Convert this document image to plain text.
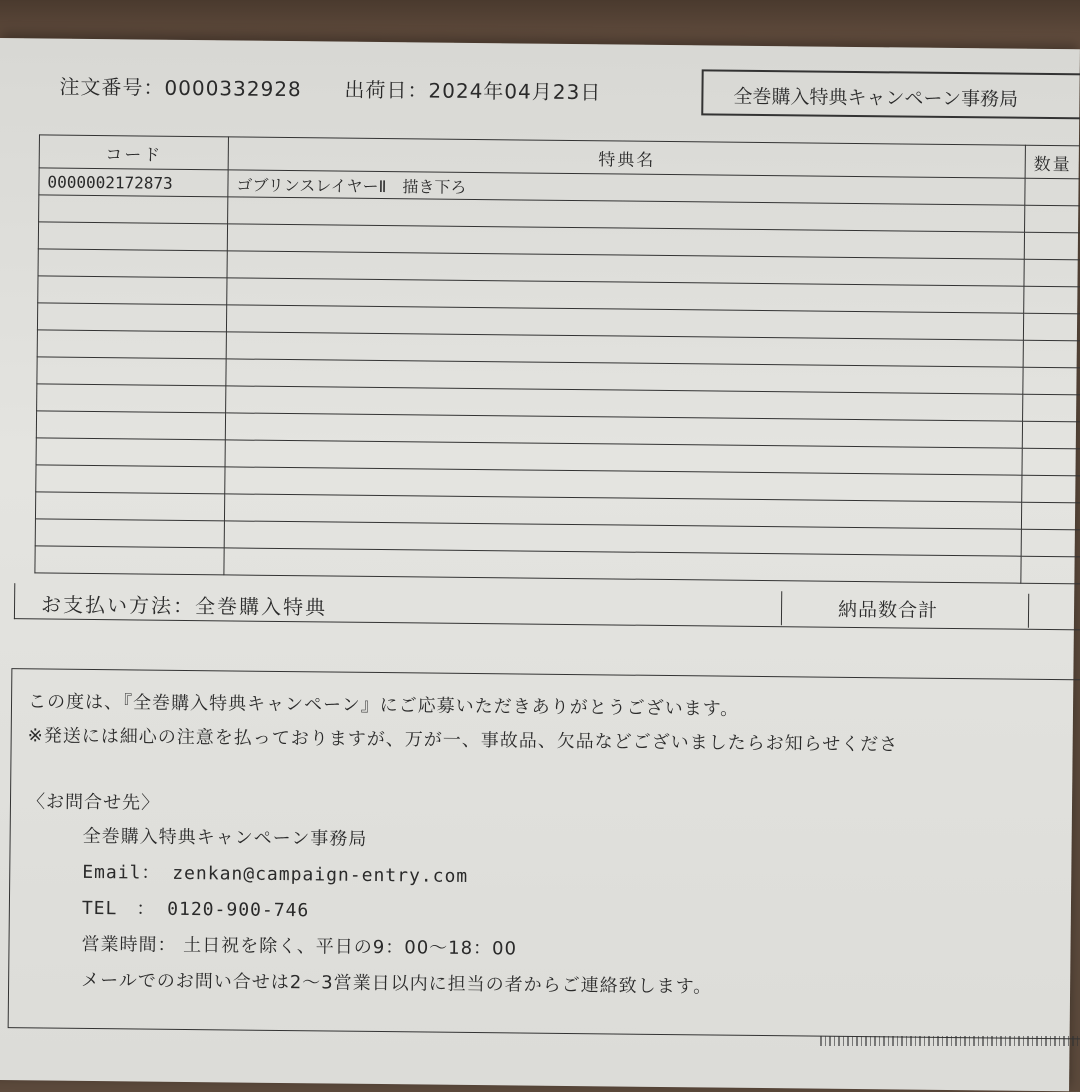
注文番号：0000332928 出荷日：2024年04月23日	全巻購入特典キャンペーン事務局
コード	特典名	数量
0000002172873	ゴブリンスレイヤーⅡ　描き下ろ	

お支払い方法：全巻購入特典	納品数合計
この度は、『全巻購入特典キャンペーン』にご応募いただきありがとうございます。
※発送には細心の注意を払っておりますが、万が一、事故品、欠品などございましたらお知らせくださ
〈お問合せ先〉
全巻購入特典キャンペーン事務局
Email： zenkan@campaign-entry.com
TEL　： 0120-900-746
営業時間： 土日祝を除く、平日の9：00～18：00
メールでのお問い合せは2～3営業日以内に担当の者からご連絡致します。
